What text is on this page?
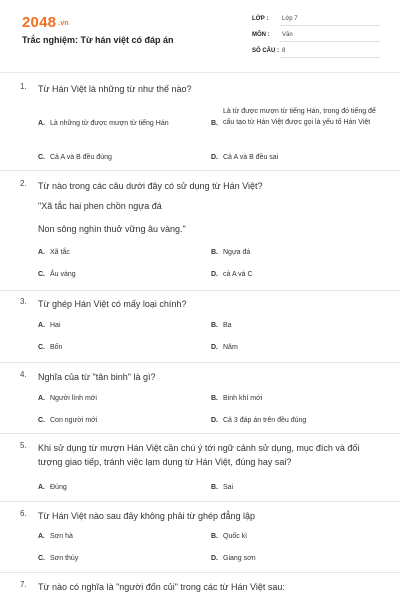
2048 .vn
Trắc nghiệm: Từ hán việt có đáp án
LỚP : Lớp 7
MÔN : Văn
SỐ CÂU : 8
1. Từ Hán Việt là những từ như thế nào?
A. Là những từ được mượn từ tiếng Hán	B.
Là từ được mượn từ tiếng Hán, trong đó tiếng để cấu tạo từ Hán Việt được gọi là yếu tố Hán Việt
C. Cả A và B đều đúng	D. Cả A và B đều sai
2. Từ nào trong các câu dưới đây có sử dụng từ Hán Việt?
"Xã tắc hai phen chồn ngựa đá
Non sông nghìn thuở vững âu vàng."
A. Xã tắc	B. Ngựa đá
C. Âu vàng	D. cả A và C
3. Từ ghép Hán Việt có mấy loại chính?
A. Hai	B. Ba
C. Bốn	D. Năm
4. Nghĩa của từ "tân binh" là gì?
A. Người lính mới	B. Binh khí mới
C. Con người mới	D. Cả 3 đáp án trên đều đúng
5. Khi sử dụng từ mượn Hán Việt cần chú ý tới ngữ cảnh sử dụng, mục đích và đối tượng giao tiếp, tránh việc lạm dụng từ Hán Việt, đúng hay sai?
A. Đúng	B. Sai
6. Từ Hán Việt nào sau đây không phải từ ghép đẳng lập
A. Sơn hà	B. Quốc kì
C. Sơn thủy	D. Giang sơn
7. Từ nào có nghĩa là "người đốn củi" trong các từ Hán Việt sau:
